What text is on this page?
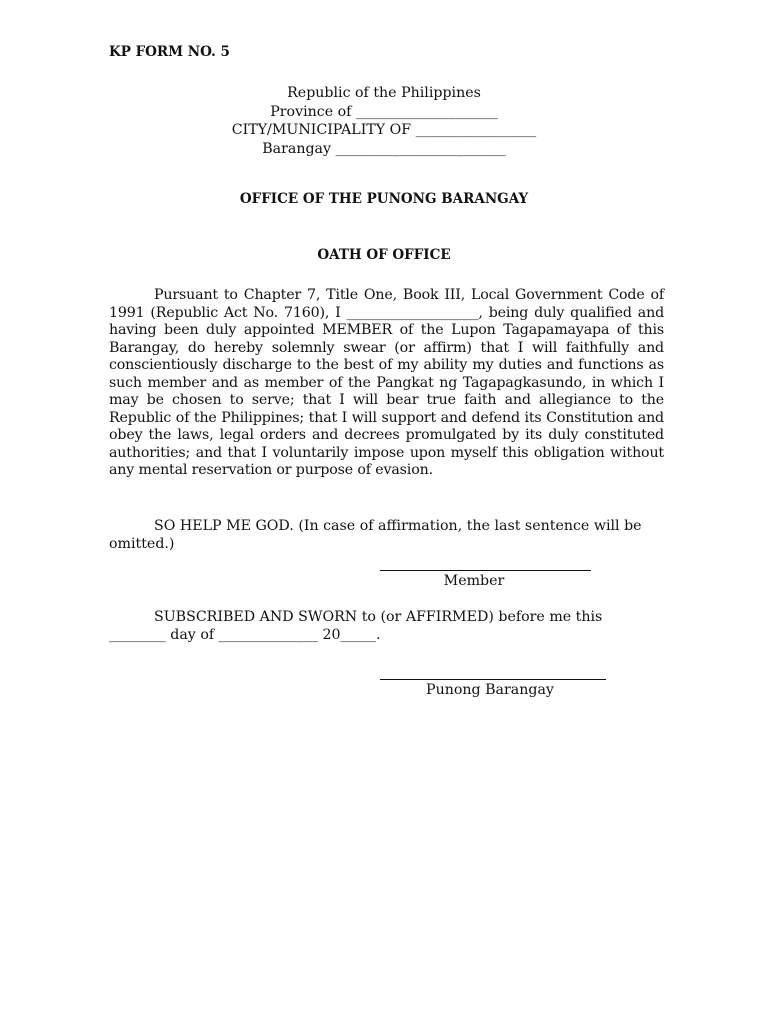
KP FORM NO. 5
Republic of the Philippines
Province of ____________________
CITY/MUNICIPALITY OF _________________
Barangay ________________________
OFFICE OF THE PUNONG BARANGAY
OATH OF OFFICE
Pursuant to Chapter 7, Title One, Book III, Local Government Code of 1991 (Republic Act No. 7160), I ___________________, being duly qualified and having been duly appointed MEMBER of the Lupon Tagapamayapa of this Barangay, do hereby solemnly swear (or affirm) that I will faithfully and conscientiously discharge to the best of my ability my duties and functions as such member and as member of the Pangkat ng Tagapagkasundo, in which I may be chosen to serve; that I will bear true faith and allegiance to the Republic of the Philippines; that I will support and defend its Constitution and obey the laws, legal orders and decrees promulgated by its duly constituted authorities; and that I voluntarily impose upon myself this obligation without any mental reservation or purpose of evasion.
SO HELP ME GOD. (In case of affirmation, the last sentence will be omitted.)
Member
SUBSCRIBED AND SWORN to (or AFFIRMED) before me this
________ day of ______________ 20_____.
Punong Barangay
